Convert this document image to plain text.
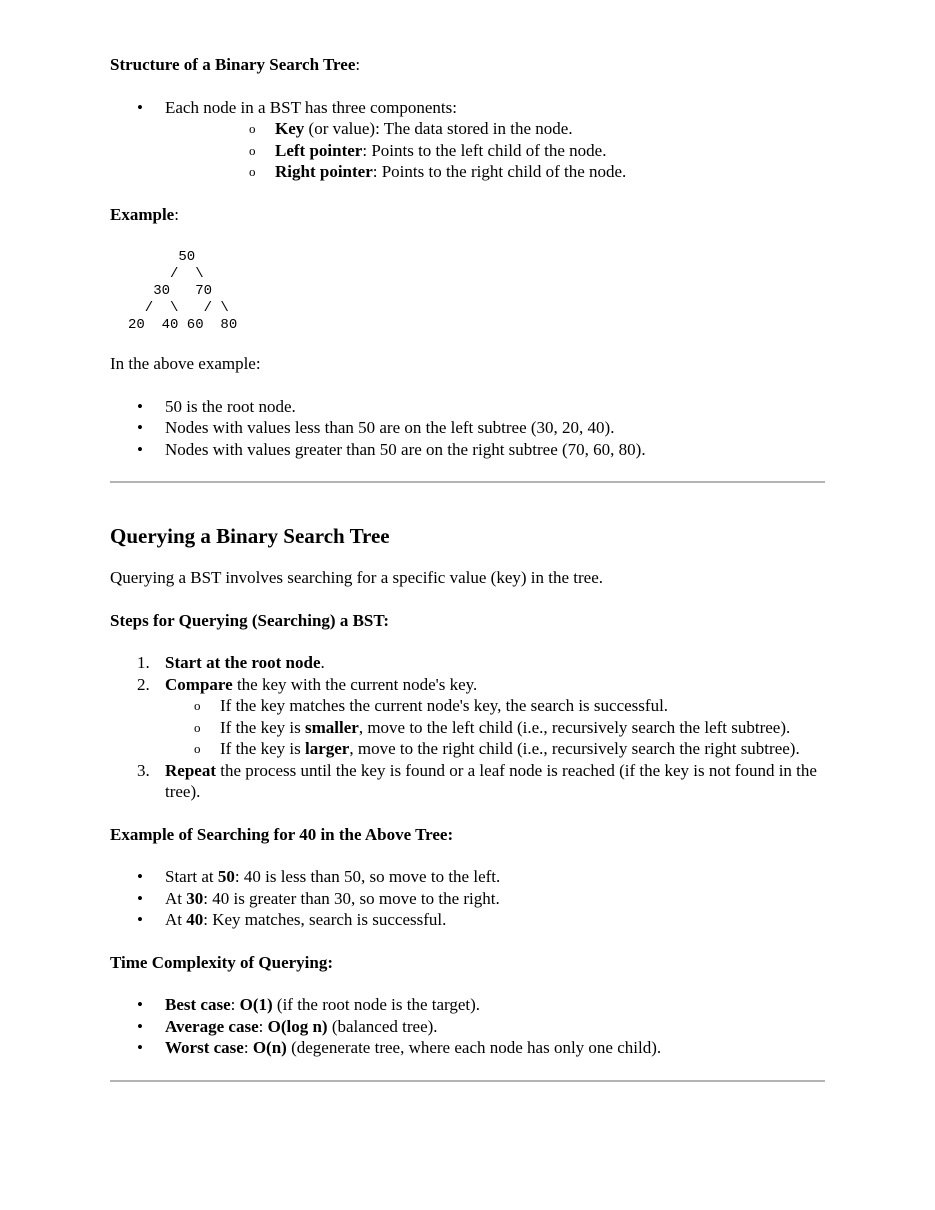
Structure of a Binary Search Tree:

• Each node in a BST has three components:
o Key (or value): The data stored in the node.
o Left pointer: Points to the left child of the node.
o Right pointer: Points to the right child of the node.

Example:

50
/  \
30   70
/  \   / \
20  40 60  80

In the above example:

• 50 is the root node.
• Nodes with values less than 50 are on the left subtree (30, 20, 40).
• Nodes with values greater than 50 are on the right subtree (70, 60, 80).
Querying a Binary Search Tree

Querying a BST involves searching for a specific value (key) in the tree.

Steps for Querying (Searching) a BST:

1. Start at the root node.
2. Compare the key with the current node's key.
o If the key matches the current node's key, the search is successful.
o If the key is smaller, move to the left child (i.e., recursively search the left subtree).
o If the key is larger, move to the right child (i.e., recursively search the right subtree).
3. Repeat the process until the key is found or a leaf node is reached (if the key is not found in the tree).

Example of Searching for 40 in the Above Tree:

• Start at 50: 40 is less than 50, so move to the left.
• At 30: 40 is greater than 30, so move to the right.
• At 40: Key matches, search is successful.

Time Complexity of Querying:

• Best case: O(1) (if the root node is the target).
• Average case: O(log n) (balanced tree).
• Worst case: O(n) (degenerate tree, where each node has only one child).
